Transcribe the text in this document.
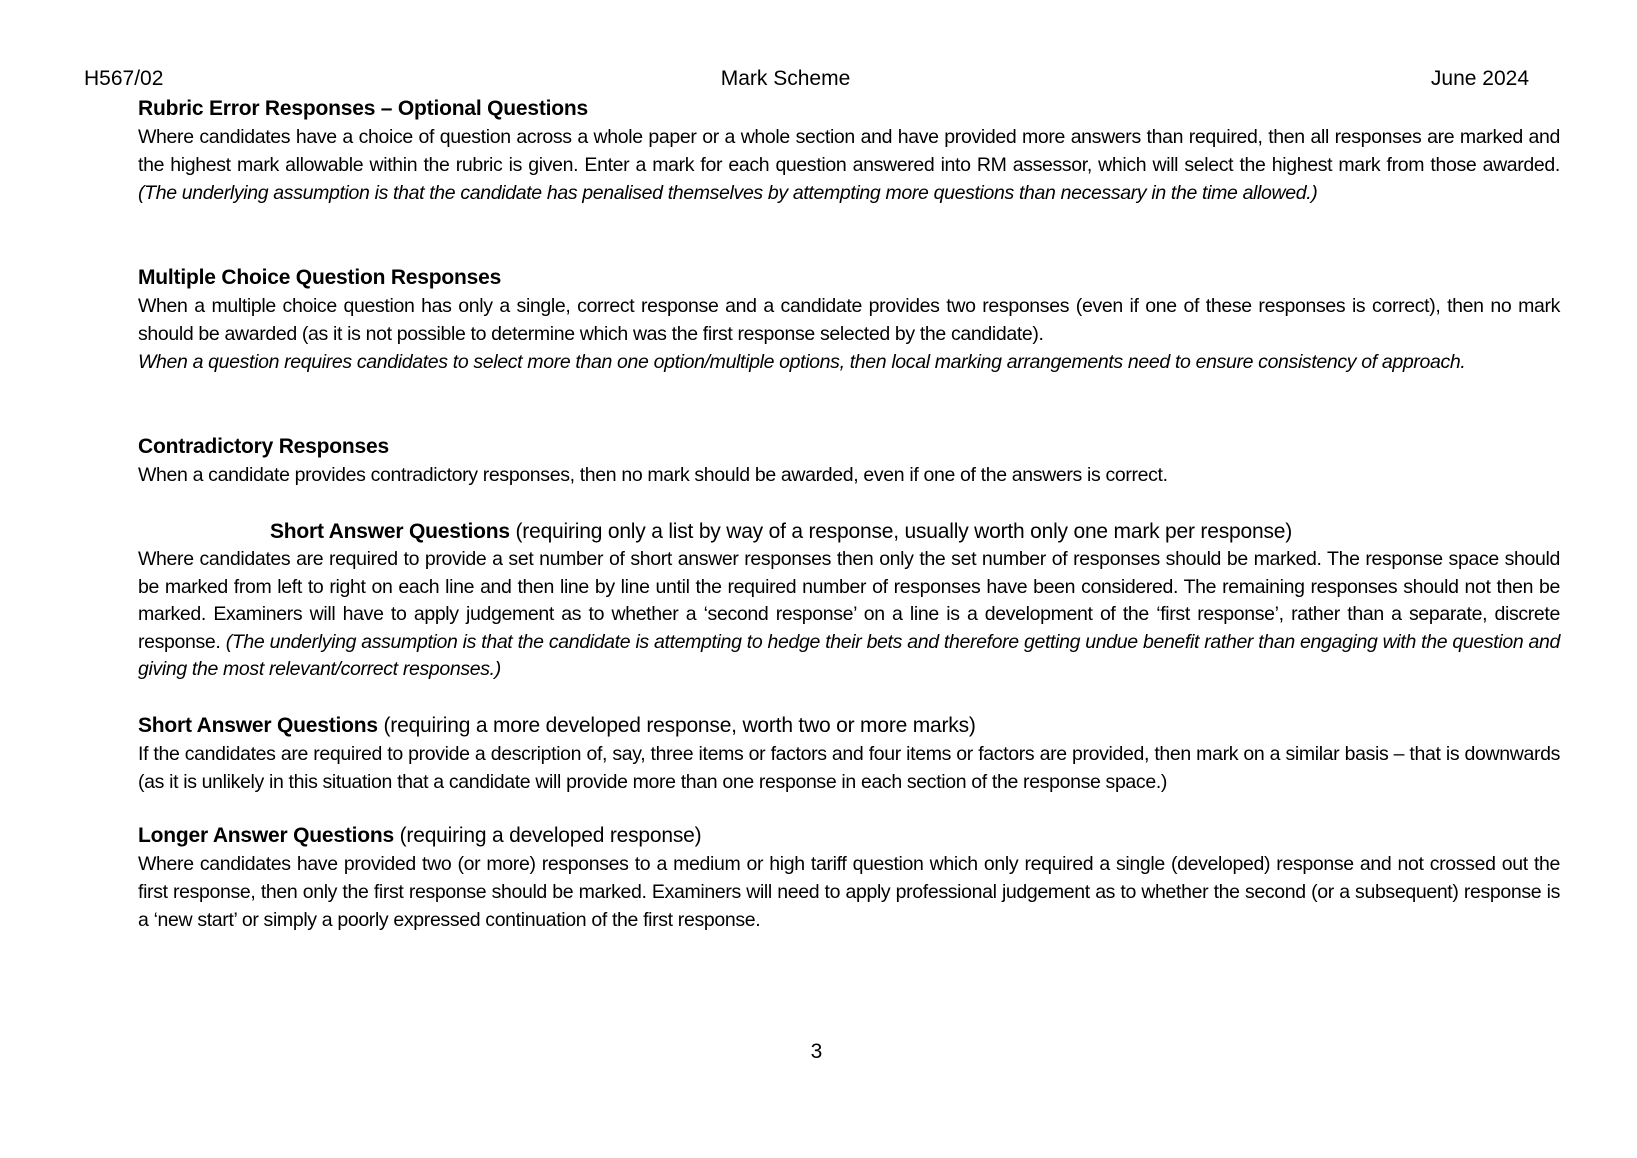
H567/02	Mark Scheme	June 2024
Rubric Error Responses – Optional Questions

Where candidates have a choice of question across a whole paper or a whole section and have provided more answers than required, then all responses are marked and the highest mark allowable within the rubric is given. Enter a mark for each question answered into RM assessor, which will select the highest mark from those awarded. (The underlying assumption is that the candidate has penalised themselves by attempting more questions than necessary in the time allowed.)

Multiple Choice Question Responses

When a multiple choice question has only a single, correct response and a candidate provides two responses (even if one of these responses is correct), then no mark should be awarded (as it is not possible to determine which was the first response selected by the candidate).

When a question requires candidates to select more than one option/multiple options, then local marking arrangements need to ensure consistency of approach.

Contradictory Responses

When a candidate provides contradictory responses, then no mark should be awarded, even if one of the answers is correct.

Short Answer Questions (requiring only a list by way of a response, usually worth only one mark per response)

Where candidates are required to provide a set number of short answer responses then only the set number of responses should be marked. The response space should be marked from left to right on each line and then line by line until the required number of responses have been considered. The remaining responses should not then be marked. Examiners will have to apply judgement as to whether a ‘second response’ on a line is a development of the ‘first response’, rather than a separate, discrete response. (The underlying assumption is that the candidate is attempting to hedge their bets and therefore getting undue benefit rather than engaging with the question and giving the most relevant/correct responses.)

Short Answer Questions (requiring a more developed response, worth two or more marks)

If the candidates are required to provide a description of, say, three items or factors and four items or factors are provided, then mark on a similar basis – that is downwards (as it is unlikely in this situation that a candidate will provide more than one response in each section of the response space.)

Longer Answer Questions (requiring a developed response)

Where candidates have provided two (or more) responses to a medium or high tariff question which only required a single (developed) response and not crossed out the first response, then only the first response should be marked. Examiners will need to apply professional judgement as to whether the second (or a subsequent) response is a ‘new start’ or simply a poorly expressed continuation of the first response.

3
